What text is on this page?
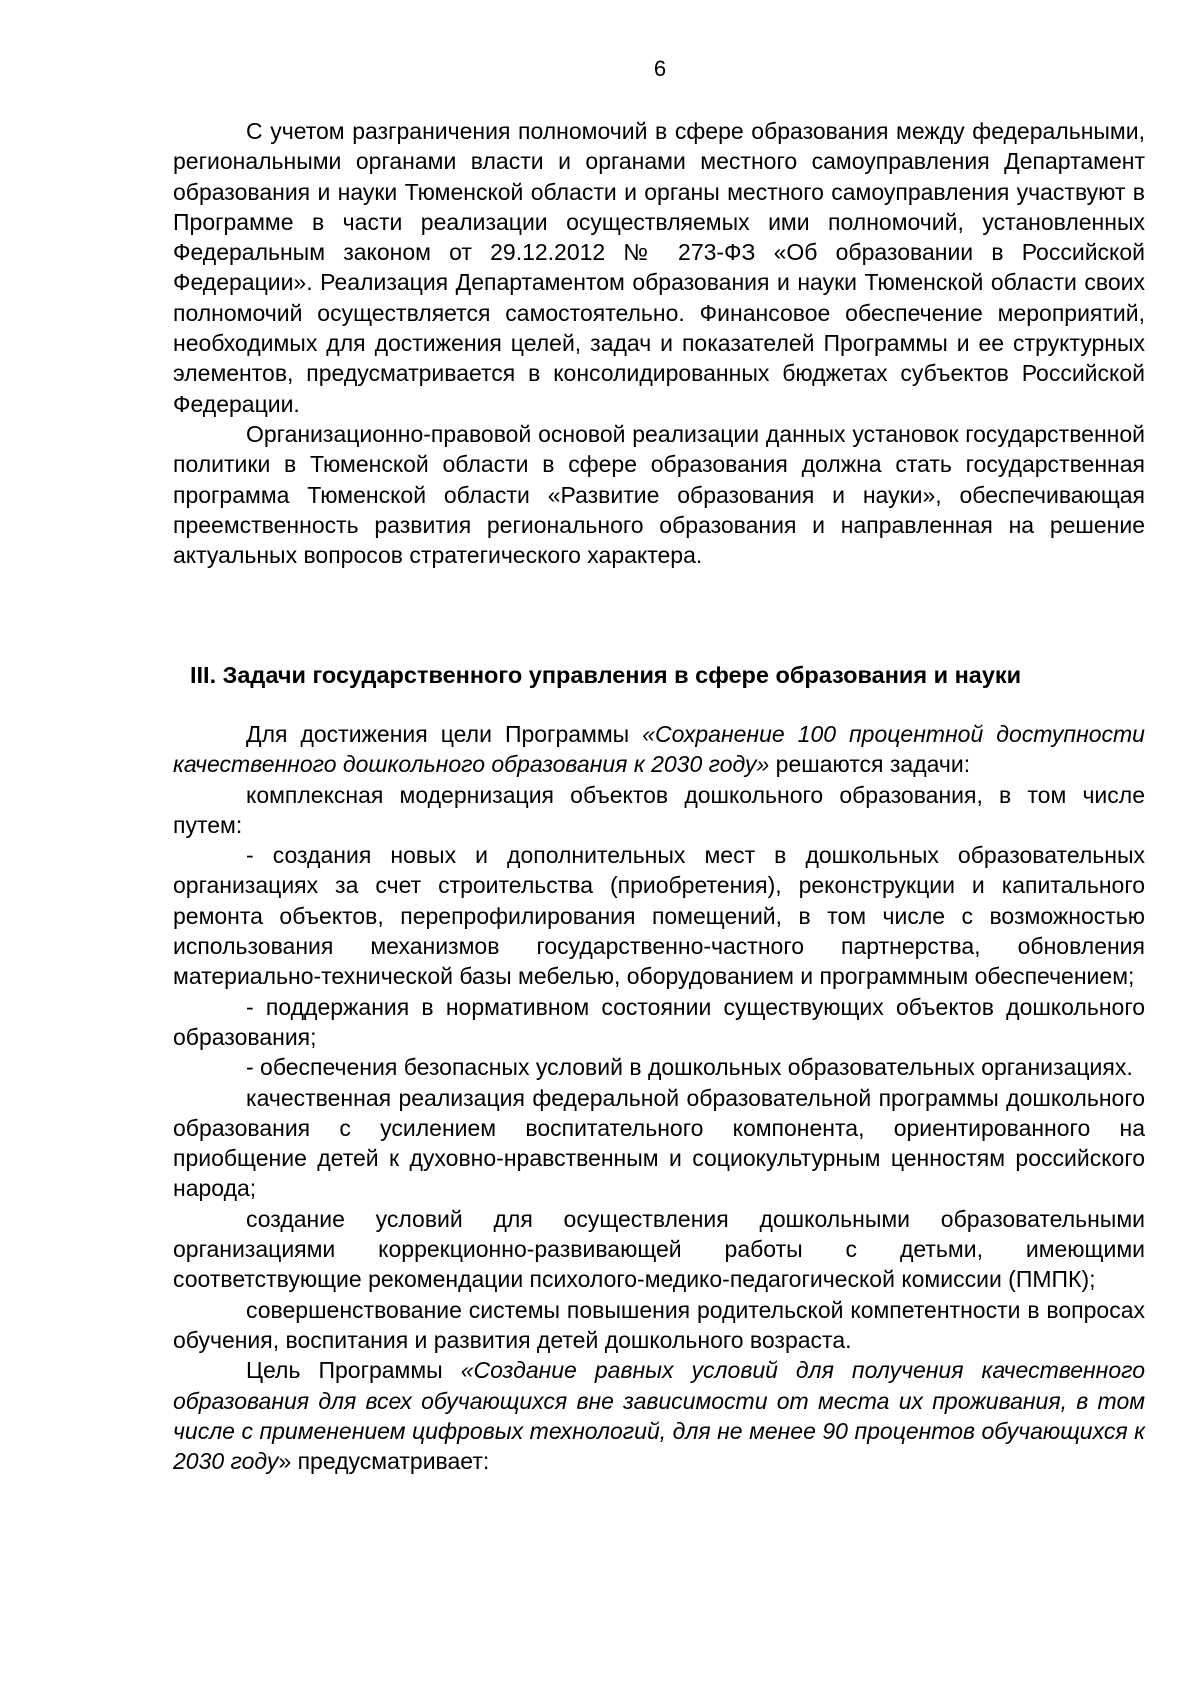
6

С учетом разграничения полномочий в сфере образования между федеральными, региональными органами власти и органами местного самоуправления Департамент образования и науки Тюменской области и органы местного самоуправления участвуют в Программе в части реализации осуществляемых ими полномочий, установленных Федеральным законом от 29.12.2012 № 273-ФЗ «Об образовании в Российской Федерации». Реализация Департаментом образования и науки Тюменской области своих полномочий осуществляется самостоятельно. Финансовое обеспечение мероприятий, необходимых для достижения целей, задач и показателей Программы и ее структурных элементов, предусматривается в консолидированных бюджетах субъектов Российской Федерации.

Организационно-правовой основой реализации данных установок государственной политики в Тюменской области в сфере образования должна стать государственная программа Тюменской области «Развитие образования и науки», обеспечивающая преемственность развития регионального образования и направленная на решение актуальных вопросов стратегического характера.

III. Задачи государственного управления в сфере образования и науки

Для достижения цели Программы «Сохранение 100 процентной доступности качественного дошкольного образования к 2030 году» решаются задачи:

комплексная модернизация объектов дошкольного образования, в том числе путем:

- создания новых и дополнительных мест в дошкольных образовательных организациях за счет строительства (приобретения), реконструкции и капитального ремонта объектов, перепрофилирования помещений, в том числе с возможностью использования механизмов государственно-частного партнерства, обновления материально-технической базы мебелью, оборудованием и программным обеспечением;

- поддержания в нормативном состоянии существующих объектов дошкольного образования;

- обеспечения безопасных условий в дошкольных образовательных организациях.

качественная реализация федеральной образовательной программы дошкольного образования с усилением воспитательного компонента, ориентированного на приобщение детей к духовно-нравственным и социокультурным ценностям российского народа;

создание условий для осуществления дошкольными образовательными организациями коррекционно-развивающей работы с детьми, имеющими соответствующие рекомендации психолого-медико-педагогической комиссии (ПМПК);

совершенствование системы повышения родительской компетентности в вопросах обучения, воспитания и развития детей дошкольного возраста.

Цель Программы «Создание равных условий для получения качественного образования для всех обучающихся вне зависимости от места их проживания, в том числе с применением цифровых технологий, для не менее 90 процентов обучающихся к 2030 году» предусматривает:
